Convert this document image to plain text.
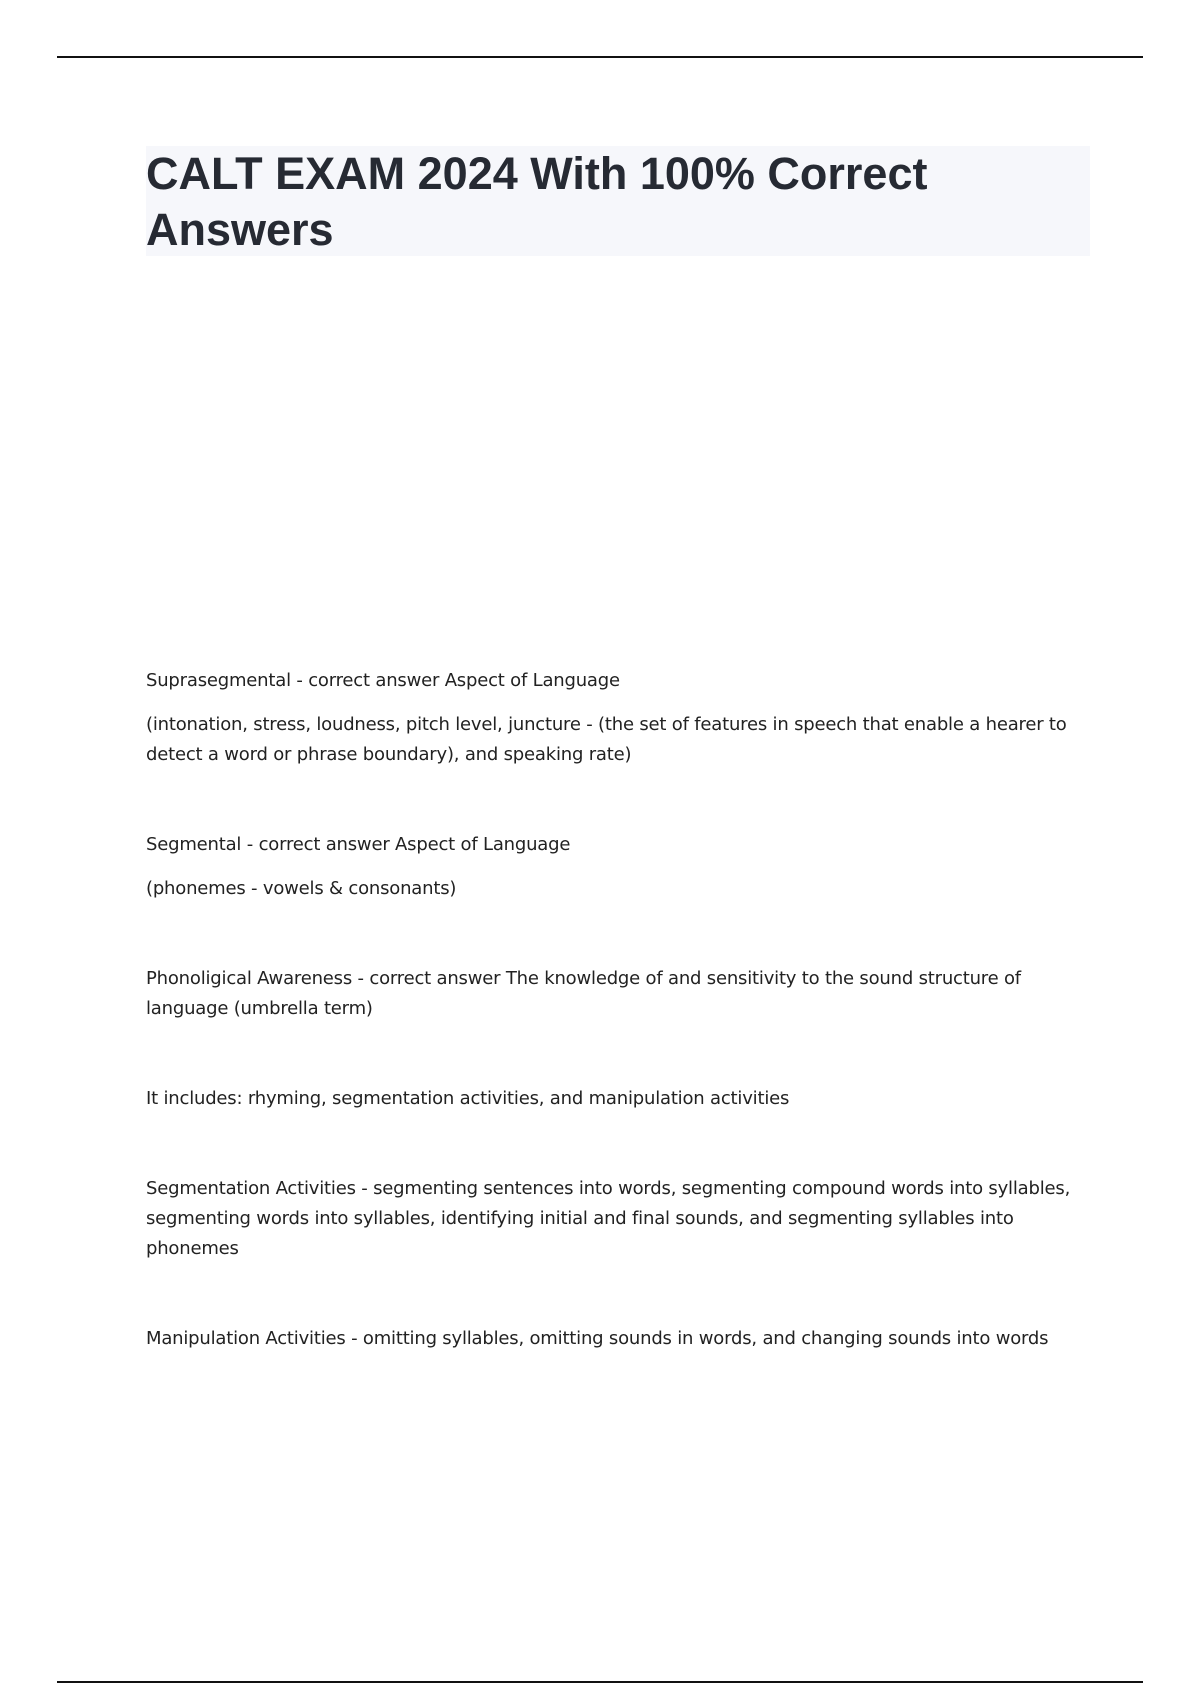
CALT EXAM 2024 With 100% Correct Answers

Suprasegmental - correct answer Aspect of Language

(intonation, stress, loudness, pitch level, juncture - (the set of features in speech that enable a hearer to detect a word or phrase boundary), and speaking rate)

Segmental - correct answer Aspect of Language

(phonemes - vowels & consonants)

Phonoligical Awareness - correct answer The knowledge of and sensitivity to the sound structure of language (umbrella term)

It includes: rhyming, segmentation activities, and manipulation activities

Segmentation Activities - segmenting sentences into words, segmenting compound words into syllables, segmenting words into syllables, identifying initial and final sounds, and segmenting syllables into phonemes

Manipulation Activities - omitting syllables, omitting sounds in words, and changing sounds into words
